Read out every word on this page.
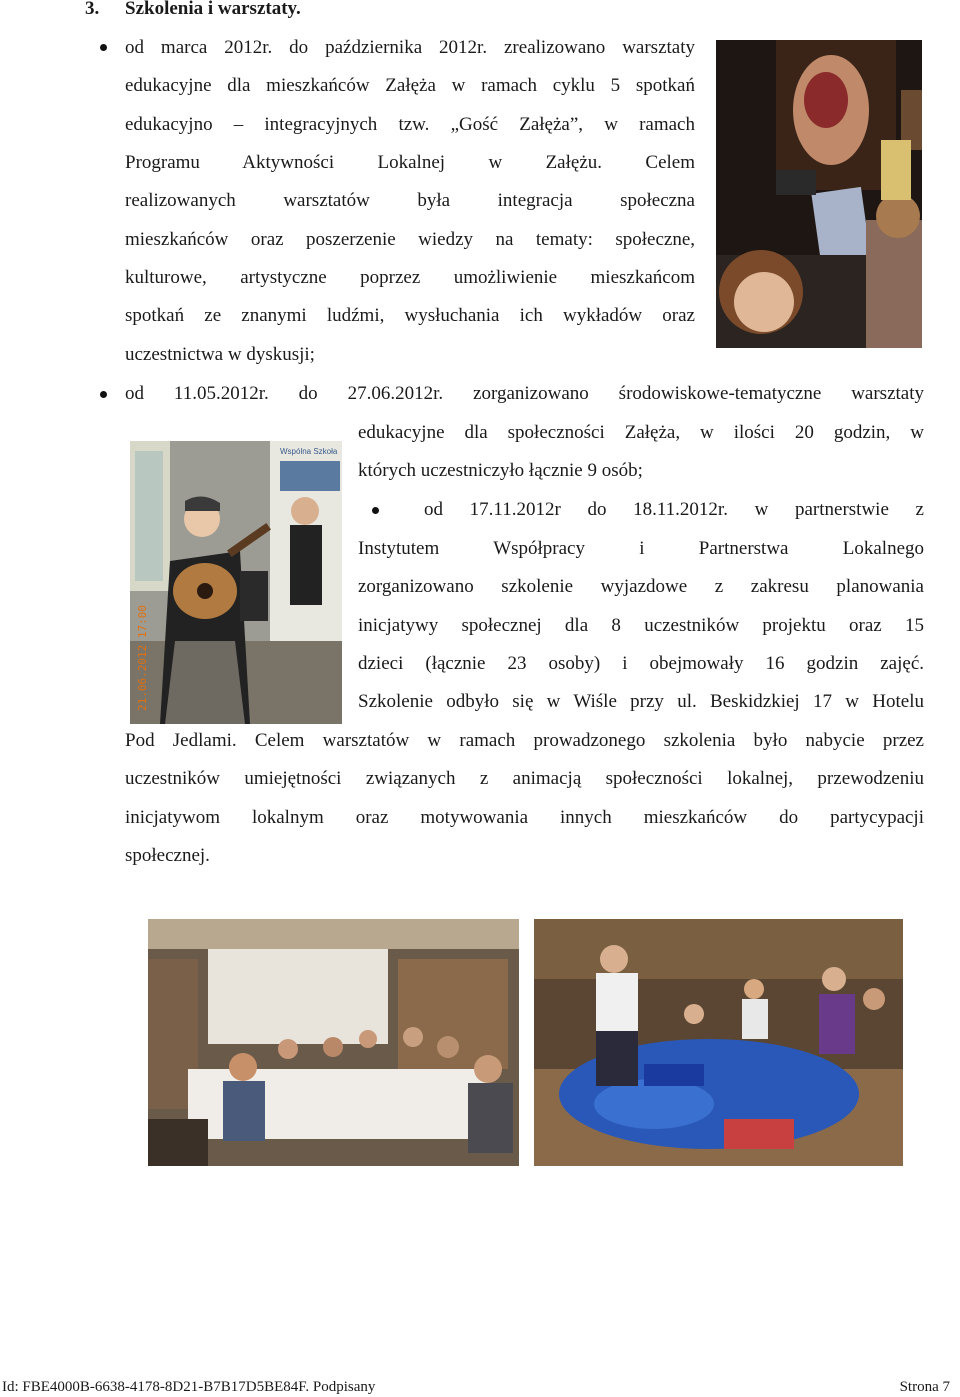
3. Szkolenia i warsztaty.
od marca 2012r. do października 2012r. zrealizowano warsztaty
edukacyjne dla mieszkańców Załęża w ramach cyklu 5 spotkań
edukacyjno – integracyjnych tzw. „Gość Załęża”, w ramach
Programu Aktywności Lokalnej w Załężu. Celem
realizowanych warsztatów była integracja społeczna
mieszkańców oraz poszerzenie wiedzy na tematy: społeczne,
kulturowe, artystyczne poprzez umożliwienie mieszkańcom
spotkań ze znanymi ludźmi, wysłuchania ich wykładów oraz
uczestnictwa w dyskusji;
od 11.05.2012r. do 27.06.2012r. zorganizowano środowiskowe-tematyczne warsztaty
edukacyjne dla społeczności Załęża, w ilości 20 godzin, w
których uczestniczyło łącznie 9 osób;
21.06.2012 17:00
Wspólna Szkoła
od 17.11.2012r do 18.11.2012r. w partnerstwie z
Instytutem Współpracy i Partnerstwa Lokalnego
zorganizowano szkolenie wyjazdowe z zakresu planowania
inicjatywy społecznej dla 8 uczestników projektu oraz 15
dzieci (łącznie 23 osoby) i obejmowały 16 godzin zajęć.
Szkolenie odbyło się w Wiśle przy ul. Beskidzkiej 17 w Hotelu
Pod Jedlami. Celem warsztatów w ramach prowadzonego szkolenia było nabycie przez
uczestników umiejętności związanych z animacją społeczności lokalnej, przewodzeniu
inicjatywom lokalnym oraz motywowania innych mieszkańców do partycypacji
społecznej.
Id: FBE4000B-6638-4178-8D21-B7B17D5BE84F. Podpisany	Strona 7
